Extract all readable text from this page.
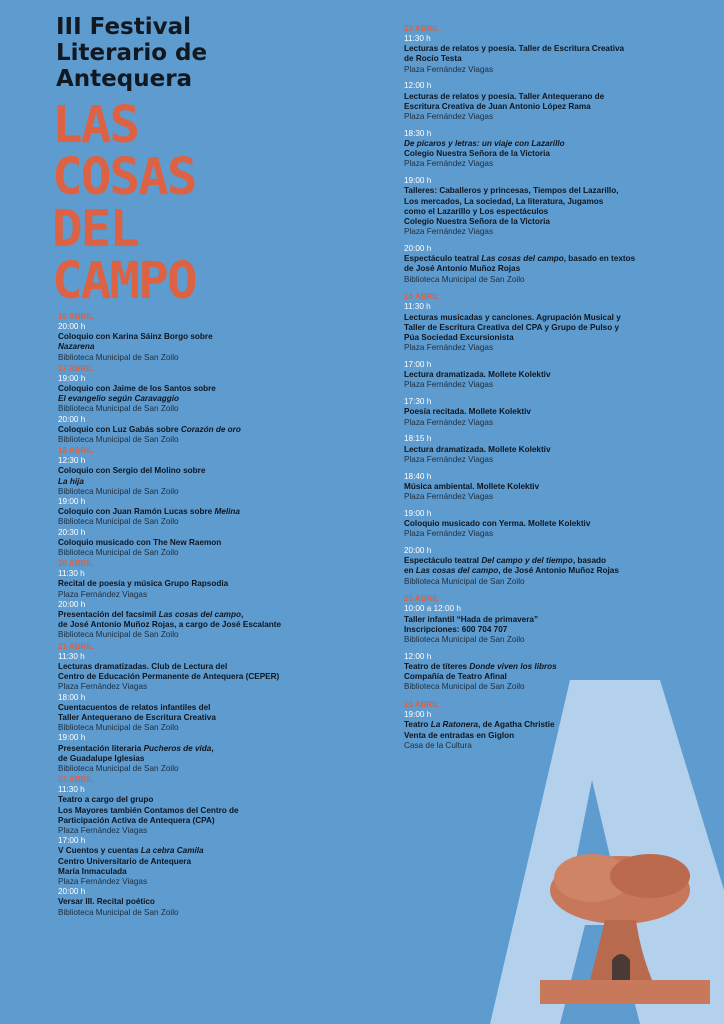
III Festival
Literario de
Antequera
LAS
COSAS
DEL
CAMPO
16 ABRIL
20:00 h
Coloquio con Karina Sáinz Borgo sobre
Nazarena
Biblioteca Municipal de San Zoilo
17 ABRIL
19:00 h
Coloquio con Jaime de los Santos sobre
El evangelio según Caravaggio
Biblioteca Municipal de San Zoilo
20:00 h
Coloquio con Luz Gabás sobre Corazón de oro
Biblioteca Municipal de San Zoilo
18 ABRIL
12:30 h
Coloquio con Sergio del Molino sobre
La hija
Biblioteca Municipal de San Zoilo
19:00 h
Coloquio con Juan Ramón Lucas sobre Melina
Biblioteca Municipal de San Zoilo
20:30 h
Coloquio musicado con The New Raemon
Biblioteca Municipal de San Zoilo
20 ABRIL
11:30 h
Recital de poesía y música Grupo Rapsodia
Plaza Fernández Viagas
20:00 h
Presentación del facsímil Las cosas del campo,
de José Antonio Muñoz Rojas, a cargo de José Escalante
Biblioteca Municipal de San Zoilo
21 ABRIL
11:30 h
Lecturas dramatizadas. Club de Lectura del
Centro de Educación Permanente de Antequera (CEPER)
Plaza Fernández Viagas
18:00 h
Cuentacuentos de relatos infantiles del
Taller Antequerano de Escritura Creativa
Biblioteca Municipal de San Zoilo
19:00 h
Presentación literaria Pucheros de vida,
de Guadalupe Iglesias
Biblioteca Municipal de San Zoilo
22 ABRIL
11:30 h
Teatro a cargo del grupo
Los Mayores también Contamos del Centro de
Participación Activa de Antequera (CPA)
Plaza Fernández Viagas
17:00 h
V Cuentos y cuentas La cebra Camila
Centro Universitario de Antequera
María Inmaculada
Plaza Fernández Viagas
20:00 h
Versar III. Recital poético
Biblioteca Municipal de San Zoilo
23 ABRIL
11:30 h
Lecturas de relatos y poesía. Taller de Escritura Creativa
de Rocío Testa
Plaza Fernández Viagas
12:00 h
Lecturas de relatos y poesía. Taller Antequerano de
Escritura Creativa de Juan Antonio López Rama
Plaza Fernández Viagas
18:30 h
De pícaros y letras: un viaje con Lazarillo
Colegio Nuestra Señora de la Victoria
Plaza Fernández Viagas
19:00 h
Talleres: Caballeros y princesas, Tiempos del Lazarillo,
Los mercados, La sociedad, La literatura, Jugamos
como el Lazarillo y Los espectáculos
Colegio Nuestra Señora de la Victoria
Plaza Fernández Viagas
20:00 h
Espectáculo teatral Las cosas del campo, basado en textos
de José Antonio Muñoz Rojas
Biblioteca Municipal de San Zoilo
24 ABRIL
11:30 h
Lecturas musicadas y canciones. Agrupación Musical y
Taller de Escritura Creativa del CPA y Grupo de Pulso y
Púa Sociedad Excursionista
Plaza Fernández Viagas
17:00 h
Lectura dramatizada. Mollete Kolektiv
Plaza Fernández Viagas
17:30 h
Poesía recitada. Mollete Kolektiv
Plaza Fernández Viagas
18:15 h
Lectura dramatizada. Mollete Kolektiv
Plaza Fernández Viagas
18:40 h
Música ambiental. Mollete Kolektiv
Plaza Fernández Viagas
19:00 h
Coloquio musicado con Yerma. Mollete Kolektiv
Plaza Fernández Viagas
20:00 h
Espectáculo teatral Del campo y del tiempo, basado
en Las cosas del campo, de José Antonio Muñoz Rojas
Biblioteca Municipal de San Zoilo
25 ABRIL
10:00 a 12:00 h
Taller infantil “Hada de primavera”
Inscripciones: 600 704 707
Biblioteca Municipal de San Zoilo
12:00 h
Teatro de títeres Donde viven los libros
Compañía de Teatro Afinal
Biblioteca Municipal de San Zoilo
26 ABRIL
19:00 h
Teatro La Ratonera, de Agatha Christie
Venta de entradas en Giglon
Casa de la Cultura
